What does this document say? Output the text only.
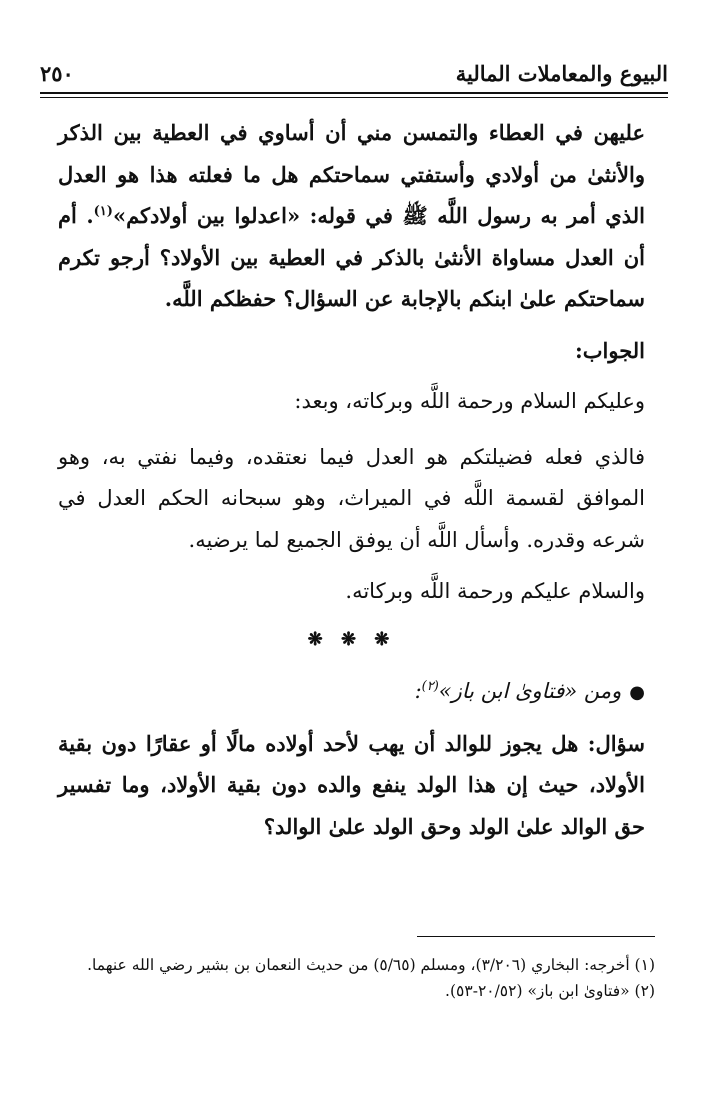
البيوع والمعاملات المالية
٢٥٠

عليهن في العطاء والتمسن مني أن أساوي في العطية بين الذكر والأنثىٰ من أولادي وأستفتي سماحتكم هل ما فعلته هذا هو العدل الذي أمر به رسول اللَّه ﷺ في قوله: «اعدلوا بين أولادكم»$^{(١)}$. أم أن العدل مساواة الأنثىٰ بالذكر في العطية بين الأولاد؟ أرجو تكرم سماحتكم علىٰ ابنكم بالإجابة عن السؤال؟ حفظكم اللَّه.

الجواب:

وعليكم السلام ورحمة اللَّه وبركاته، وبعد:

فالذي فعله فضيلتكم هو العدل فيما نعتقده، وفيما نفتي به، وهو الموافق لقسمة اللَّه في الميراث، وهو سبحانه الحكم العدل في شرعه وقدره. وأسأل اللَّه أن يوفق الجميع لما يرضيه.

والسلام عليكم ورحمة اللَّه وبركاته.

❋ ❋ ❋
●ومن «فتاوىٰ ابن باز»$^{(٢)}$:

سؤال: هل يجوز للوالد أن يهب لأحد أولاده مالًا أو عقارًا دون بقية الأولاد، حيث إن هذا الولد ينفع والده دون بقية الأولاد، وما تفسير حق الوالد علىٰ الولد وحق الولد علىٰ الوالد؟

(١) أخرجه: البخاري (٣/٢٠٦)، ومسلم (٥/٦٥) من حديث النعمان بن بشير رضي الله عنهما.

(٢) «فتاوىٰ ابن باز» (٢٠/٥٢-٥٣).
